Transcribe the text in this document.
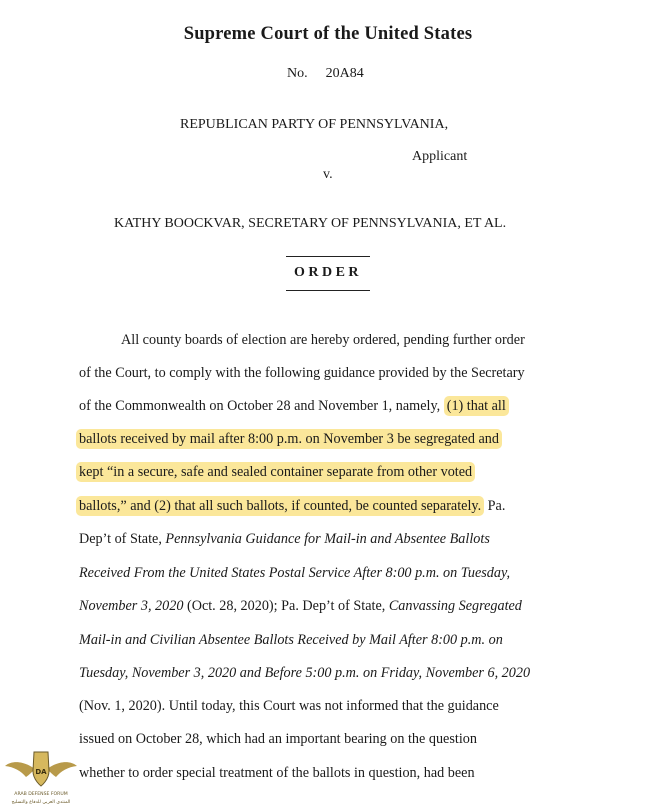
Supreme Court of the United States
No. 20A84
REPUBLICAN PARTY OF PENNSYLVANIA,
Applicant
v.
KATHY BOOCKVAR, SECRETARY OF PENNSYLVANIA, ET AL.
ORDER
All county boards of election are hereby ordered, pending further order
of the Court, to comply with the following guidance provided by the Secretary
of the Commonwealth on October 28 and November 1, namely, (1) that all
ballots received by mail after 8:00 p.m. on November 3 be segregated and
kept “in a secure, safe and sealed container separate from other voted
ballots,” and (2) that all such ballots, if counted, be counted separately. Pa.
Dep’t of State, Pennsylvania Guidance for Mail-in and Absentee Ballots
Received From the United States Postal Service After 8:00 p.m. on Tuesday,
November 3, 2020 (Oct. 28, 2020); Pa. Dep’t of State, Canvassing Segregated
Mail-in and Civilian Absentee Ballots Received by Mail After 8:00 p.m. on
Tuesday, November 3, 2020 and Before 5:00 p.m. on Friday, November 6, 2020
(Nov. 1, 2020). Until today, this Court was not informed that the guidance
issued on October 28, which had an important bearing on the question
whether to order special treatment of the ballots in question, had been
DA
ARAB DEFENSE FORUM
المنتدى العربي للدفاع والتسليح
